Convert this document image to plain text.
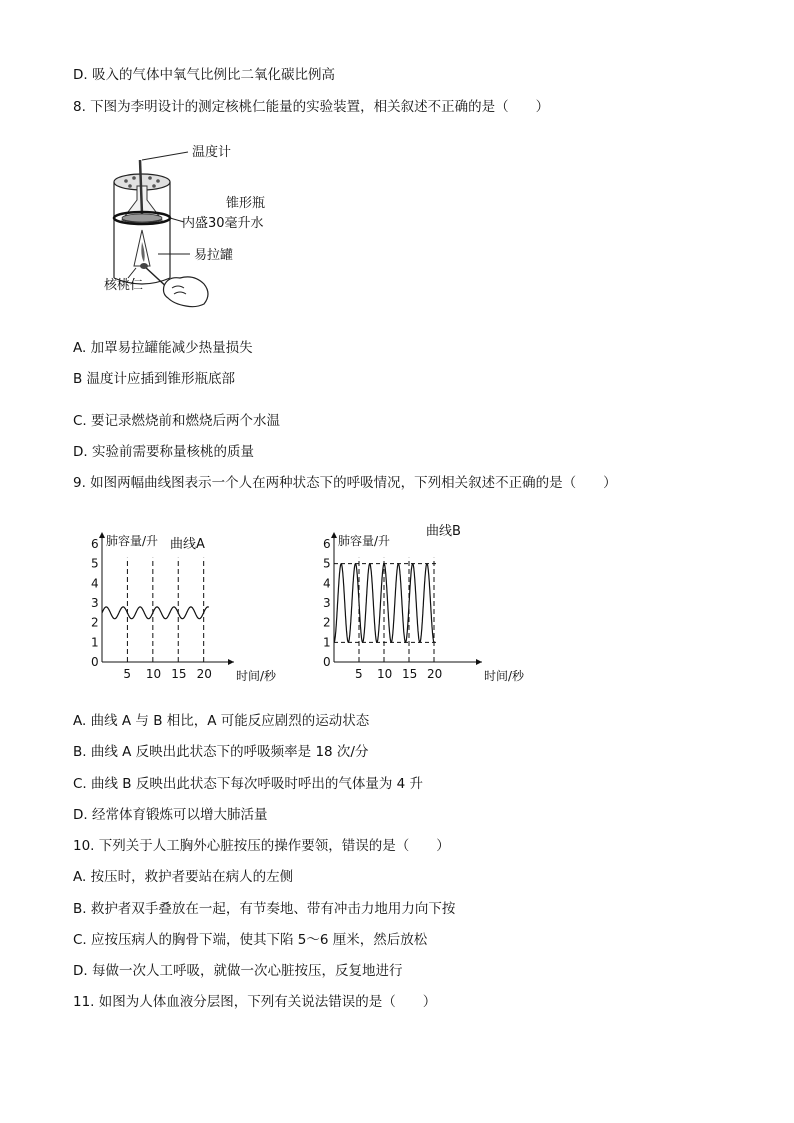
D. 吸入的气体中氧气比例比二氧化碳比例高
8. 下图为李明设计的测定核桃仁能量的实验装置，相关叙述不正确的是（　　）
温度计
锥形瓶
内盛30毫升水
易拉罐
核桃仁
A. 加罩易拉罐能减少热量损失
B 温度计应插到锥形瓶底部
C. 要记录燃烧前和燃烧后两个水温
D. 实验前需要称量核桃的质量
9. 如图两幅曲线图表示一个人在两种状态下的呼吸情况，下列相关叙述不正确的是（　　）
0
1
2
3
4
5
6
5 10 15 20
肺容量/升
时间/秒
曲线A
0
1
2
3
4
5
6
5 10 15 20
肺容量/升
时间/秒
曲线B
A. 曲线 A 与 B 相比，A 可能反应剧烈的运动状态
B. 曲线 A 反映出此状态下的呼吸频率是 18 次/分
C. 曲线 B 反映出此状态下每次呼吸时呼出的气体量为 4 升
D. 经常体育锻炼可以增大肺活量
10. 下列关于人工胸外心脏按压的操作要领，错误的是（　　）
A. 按压时，救护者要站在病人的左侧
B. 救护者双手叠放在一起，有节奏地、带有冲击力地用力向下按
C. 应按压病人的胸骨下端，使其下陷 5～6 厘米，然后放松
D. 每做一次人工呼吸，就做一次心脏按压，反复地进行
11. 如图为人体血液分层图，下列有关说法错误的是（　　）
